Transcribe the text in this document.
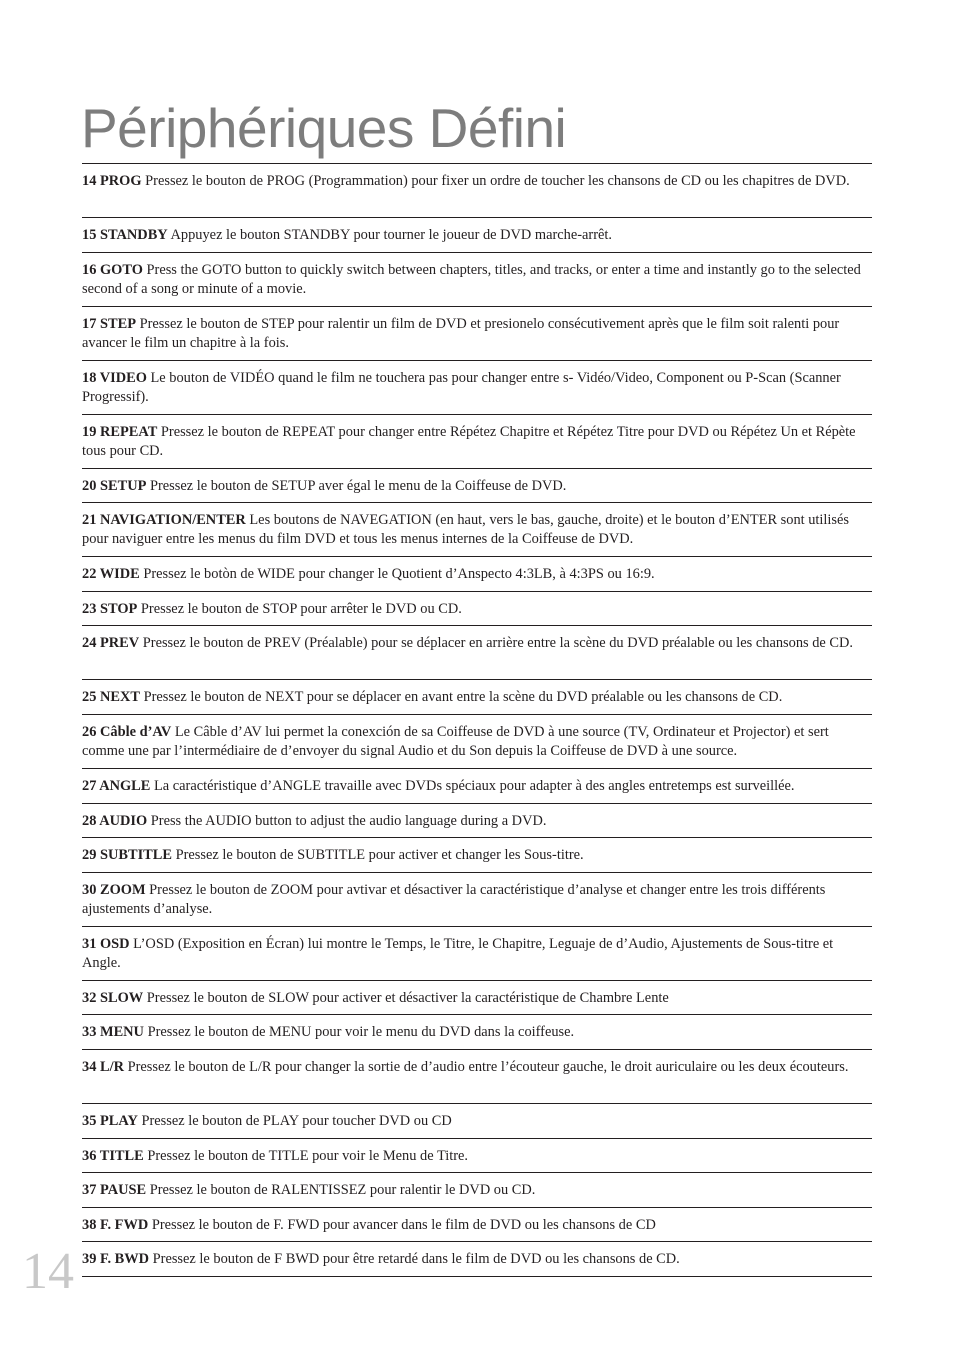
Périphériques Défini
14 PROG Pressez le bouton de PROG (Programmation) pour fixer un ordre de toucher les chansons de CD ou les chapitres de DVD.
15 STANDBY Appuyez le bouton STANDBY pour tourner le joueur de DVD marche-arrêt.
16 GOTO Press the GOTO button to quickly switch between chapters, titles, and tracks, or enter a time and instantly go to the selected second of a song or minute of a movie.
17 STEP Pressez le bouton de STEP pour ralentir un film de DVD et presionelo consécutivement après que le film soit ralenti pour avancer le film un chapitre à la fois.
18 VIDEO Le bouton de VIDÉO quand le film ne touchera pas pour changer entre s- Vidéo/Video, Component ou P-Scan (Scanner Progressif).
19 REPEAT Pressez le bouton de REPEAT pour changer entre Répétez Chapitre et Répétez Titre pour DVD ou Répétez Un et Répète tous pour CD.
20 SETUP Pressez le bouton de SETUP aver égal le menu de la Coiffeuse de DVD.
21 NAVIGATION/ENTER Les boutons de NAVEGATION (en haut, vers le bas, gauche, droite) et le bouton d’ENTER sont utilisés pour naviguer entre les menus du film DVD et tous les menus internes de la Coiffeuse de DVD.
22 WIDE Pressez le botòn de WIDE pour changer le Quotient d’Anspecto 4:3LB, à 4:3PS ou 16:9.
23 STOP Pressez le bouton de STOP pour arrêter le DVD ou CD.
24 PREV Pressez le bouton de PREV (Préalable) pour se déplacer en arrière entre la scène du DVD préalable ou les chansons de CD.
25 NEXT Pressez le bouton de NEXT pour se déplacer en avant entre la scène du DVD préalable ou les chansons de CD.
26 Câble d’AV Le Câble d’AV lui permet la conexción de sa Coiffeuse de DVD à une source (TV, Ordinateur et Projector) et sert comme une par l’intermédiaire de d’envoyer du signal Audio et du Son depuis la Coiffeuse de DVD à une source.
27 ANGLE La caractéristique d’ANGLE travaille avec DVDs spéciaux pour adapter à des angles entretemps est surveillée.
28 AUDIO Press the AUDIO button to adjust the audio language during a DVD.
29 SUBTITLE Pressez le bouton de SUBTITLE pour activer et changer les Sous-titre.
30 ZOOM Pressez le bouton de ZOOM pour avtivar et désactiver la caractéristique d’analyse et changer entre les trois différents ajustements d’analyse.
31 OSD L’OSD (Exposition en Écran) lui montre le Temps, le Titre, le Chapitre, Leguaje de d’Audio, Ajustements de Sous-titre et Angle.
32 SLOW Pressez le bouton de SLOW pour activer et désactiver la caractéristique de Chambre Lente
33 MENU Pressez le bouton de MENU pour voir le menu du DVD dans la coiffeuse.
34 L/R Pressez le bouton de L/R pour changer la sortie de d’audio entre l’écouteur gauche, le droit auriculaire ou les deux écouteurs.
35 PLAY Pressez le bouton de PLAY pour toucher DVD ou CD
36 TITLE Pressez le bouton de TITLE pour voir le Menu de Titre.
37 PAUSE Pressez le bouton de RALENTISSEZ pour ralentir le DVD ou CD.
38 F. FWD Pressez le bouton de F. FWD pour avancer dans le film de DVD ou les chansons de CD
39 F. BWD Pressez le bouton de F BWD pour être retardé dans le film de DVD ou les chansons de CD.
14
